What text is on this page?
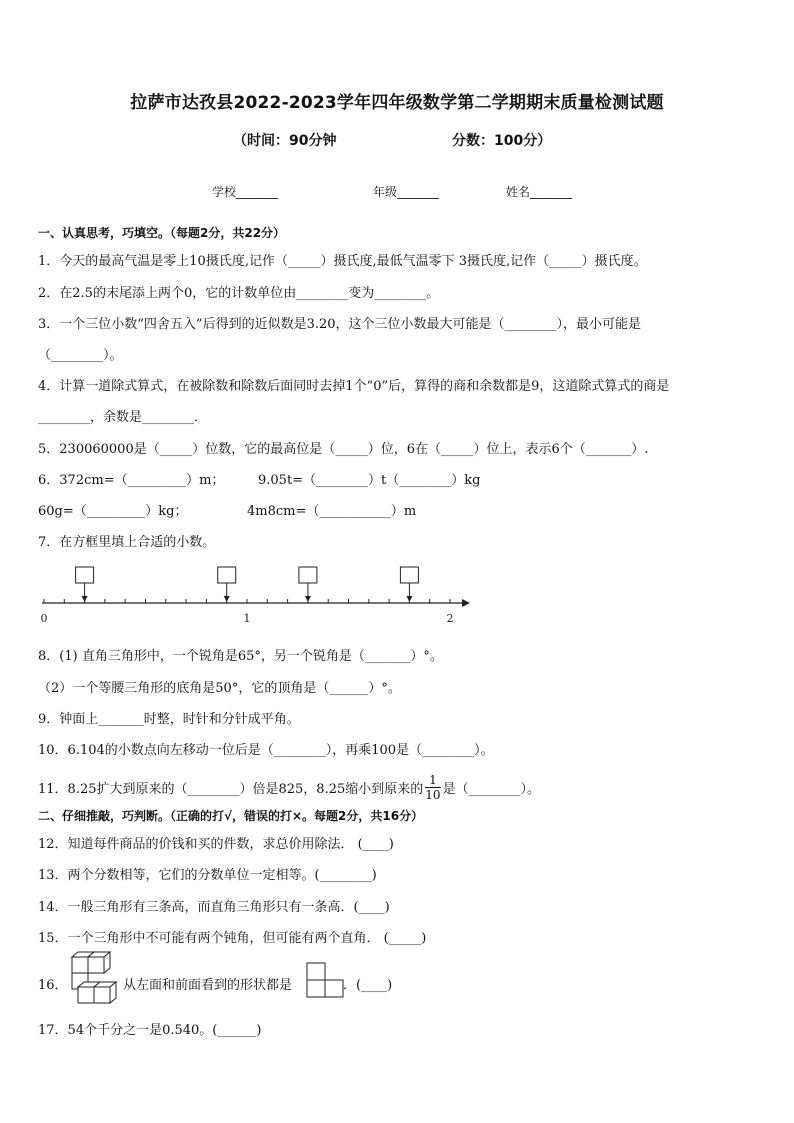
拉萨市达孜县2022-2023学年四年级数学第二学期期末质量检测试题
（时间：90分钟	分数：100分）
学校_______	年级_______	姓名_______
一、认真思考，巧填空。（每题2分，共22分）
1．今天的最高气温是零上10摄氏度,记作（_____）摄氏度,最低气温零下 3摄氏度,记作（_____）摄氏度。
2．在2.5的末尾添上两个0，它的计数单位由________变为________。
3．一个三位小数“四舍五入”后得到的近似数是3.20，这个三位小数最大可能是（________），最小可能是
（________）。
4．计算一道除式算式，在被除数和除数后面同时去掉1个“0”后，算得的商和余数都是9，这道除式算式的商是
________，余数是________．
5．230060000是（_____）位数，它的最高位是（_____）位，6在（_____）位上，表示6个（_______）.
6．372cm=（_________）m；	9.05t=（________）t（________）kg
60g=（_________）kg；	4m8cm=（___________）m
7．在方框里填上合适的小数。
0	1	2
8．(1) 直角三角形中，一个锐角是65°，另一个锐角是（_______）°。
（2）一个等腰三角形的底角是50°，它的顶角是（______）°。
9．钟面上_______时整，时针和分针成平角。
10．6.104的小数点向左移动一位后是（________），再乘100是（________）。
11．8.25扩大到原来的（________）倍是825，8.25缩小到原来的 $\frac{1}{10}$ 是（________）。
二、仔细推敲，巧判断。（正确的打√，错误的打×。每题2分，共16分）
12．知道每件商品的价钱和买的件数，求总价用除法． (____)
13．两个分数相等，它们的分数单位一定相等。(________)
14．一般三角形有三条高，而直角三角形只有一条高．(____)
15．一个三角形中不可能有两个钝角，但可能有两个直角． (_____)
16．	从左面和前面看到的形状都是	．(____)
17．54个千分之一是0.540。(______)
